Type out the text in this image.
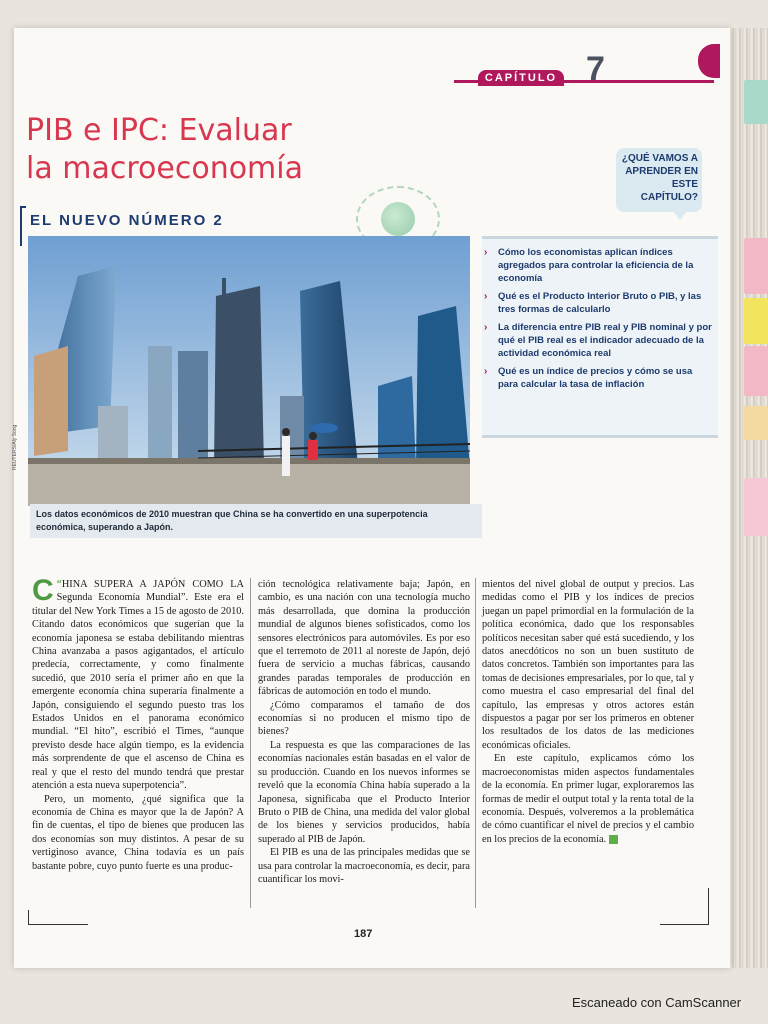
CAPÍTULO 7
PIB e IPC: Evaluar
la macroeconomía
EL NUEVO NÚMERO 2
REUTERS/Aly Song
Los datos económicos de 2010 muestran que China se ha convertido en una superpotencia económica, superando a Japón.
¿QUÉ VAMOS A APRENDER EN ESTE CAPÍTULO?
› Cómo los economistas aplican índices agregados para controlar la eficiencia de la economía
› Qué es el Producto Interior Bruto o PIB, y las tres formas de calcularlo
› La diferencia entre PIB real y PIB nominal y por qué el PIB real es el indicador adecuado de la actividad económica real
› Qué es un índice de precios y cómo se usa para calcular la tasa de inflación

“
C HINA SUPERA A JAPÓN COMO LA Segunda Economía Mundial”. Este era el titular del New York Times a 15 de agosto de 2010. Citando datos económicos que sugerían que la economía japonesa se estaba debilitando mientras China avanzaba a pasos agigantados, el artículo predecía, correctamente, y como finalmente sucedió, que 2010 sería el primer año en que la emergente economía china superaría finalmente a Japón, consiguiendo el segundo puesto tras los Estados Unidos en el panorama económico mundial. “El hito”, escribió el Times, “aunque previsto desde hace algún tiempo, es la evidencia más sorprendente de que el ascenso de China es real y que el resto del mundo tendrá que prestar atención a esta nueva superpotencia”.

Pero, un momento, ¿qué significa que la economía de China es mayor que la de Japón? A fin de cuentas, el tipo de bienes que producen las dos economías son muy distintos. A pesar de su vertiginoso avance, China todavía es un país bastante pobre, cuyo punto fuerte es una produc-

ción tecnológica relativamente baja; Japón, en cambio, es una nación con una tecnología mucho más desarrollada, que domina la producción mundial de algunos bienes sofisticados, como los sensores electrónicos para automóviles. Es por eso que el terremoto de 2011 al noreste de Japón, dejó fuera de servicio a muchas fábricas, causando grandes paradas temporales de producción en fábricas de automoción en todo el mundo.

¿Cómo comparamos el tamaño de dos economías si no producen el mismo tipo de bienes?

La respuesta es que las comparaciones de las economías nacionales están basadas en el valor de su producción. Cuando en los nuevos informes se reveló que la economía China había superado a la Japonesa, significaba que el Producto Interior Bruto o PIB de China, una medida del valor global de los bienes y servicios producidos, había superado al PIB de Japón.

El PIB es una de las principales medidas que se usa para controlar la macroeconomía, es decir, para cuantificar los movi-

mientos del nivel global de output y precios. Las medidas como el PIB y los índices de precios juegan un papel primordial en la formulación de la política económica, dado que los responsables políticos necesitan saber qué está sucediendo, y los datos anecdóticos no son un buen sustituto de datos concretos. También son importantes para las tomas de decisiones empresariales, por lo que, tal y como muestra el caso empresarial del final del capítulo, las empresas y otros actores están dispuestos a pagar por ser los primeros en obtener los resultados de los datos de las mediciones económicas oficiales.

En este capítulo, explicamos cómo los macroeconomistas miden aspectos fundamentales de la economía. En primer lugar, exploraremos las formas de medir el output total y la renta total de la economía. Después, volveremos a la problemática de cómo cuantificar el nivel de precios y el cambio en los precios de la economía.

187
Escaneado con CamScanner
